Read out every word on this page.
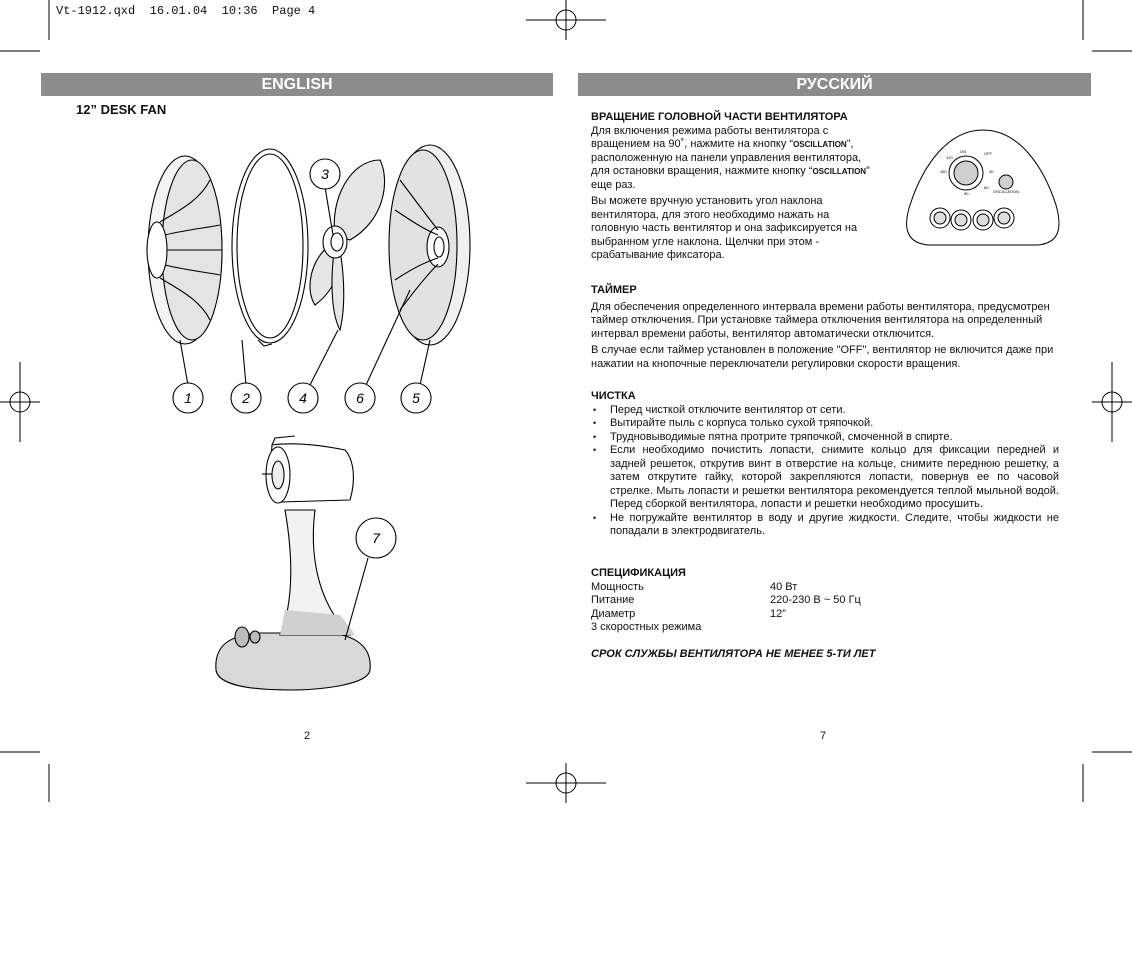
Vt-1912.qxd  16.01.04  10:36  Page 4
ENGLISH	РУССКИЙ
12” DESK FAN
1	2	4	6	5
3
7
OFF
ON
120
180
60
30
90	OSCILLATION
ВРАЩЕНИЕ ГОЛОВНОЙ ЧАСТИ ВЕНТИЛЯТОРА

Для включения режима работы вентилятора с вращением на 90˚, нажмите на кнопку “OSCILLATION”, расположенную на панели управления вентилятора, для остановки вращения, нажмите кнопку “OSCILLATION” еще раз.

Вы можете вручную установить угол наклона вентилятора, для этого необходимо нажать на головную часть вентилятор и она зафиксируется на выбранном угле наклона. Щелчки при этом - срабатывание фиксатора.

ТАЙМЕР

Для обеспечения определенного интервала времени работы вентилятора, предусмотрен таймер отключения. При установке таймера отключения вентилятора на определенный интервал времени работы, вентилятор автоматически отключится.

В случае если таймер установлен в положение "OFF", вентилятор не включится даже при нажатии на кнопочные переключатели регулировки скорости вращения.

ЧИСТКА
• Перед чисткой отключите вентилятор от сети.
• Вытирайте пыль с корпуса только сухой тряпочкой.
• Трудновыводимые пятна протрите тряпочкой, смоченной в спирте.
• Если необходимо почистить лопасти, снимите кольцо для фиксации передней и задней решеток, открутив винт в отверстие на кольце, снимите переднюю решетку, а затем открутите гайку, которой закрепляются лопасти, повернув ее по часовой стрелке. Мыть лопасти и решетки вентилятора рекомендуется теплой мыльной водой. Перед сборкой вентилятора, лопасти и решетки необходимо просушить.
• Не погружайте вентилятор в воду и другие жидкости. Следите, чтобы жидкости не попадали в электродвигатель.
СПЕЦИФИКАЦИЯ
Мощность	40 Вт
Питание	220-230 В ~ 50 Гц
Диаметр	12”
3 скоростных режима	
СРОК СЛУЖБЫ ВЕНТИЛЯТОРА НЕ МЕНЕЕ 5-ТИ ЛЕТ
2	7
